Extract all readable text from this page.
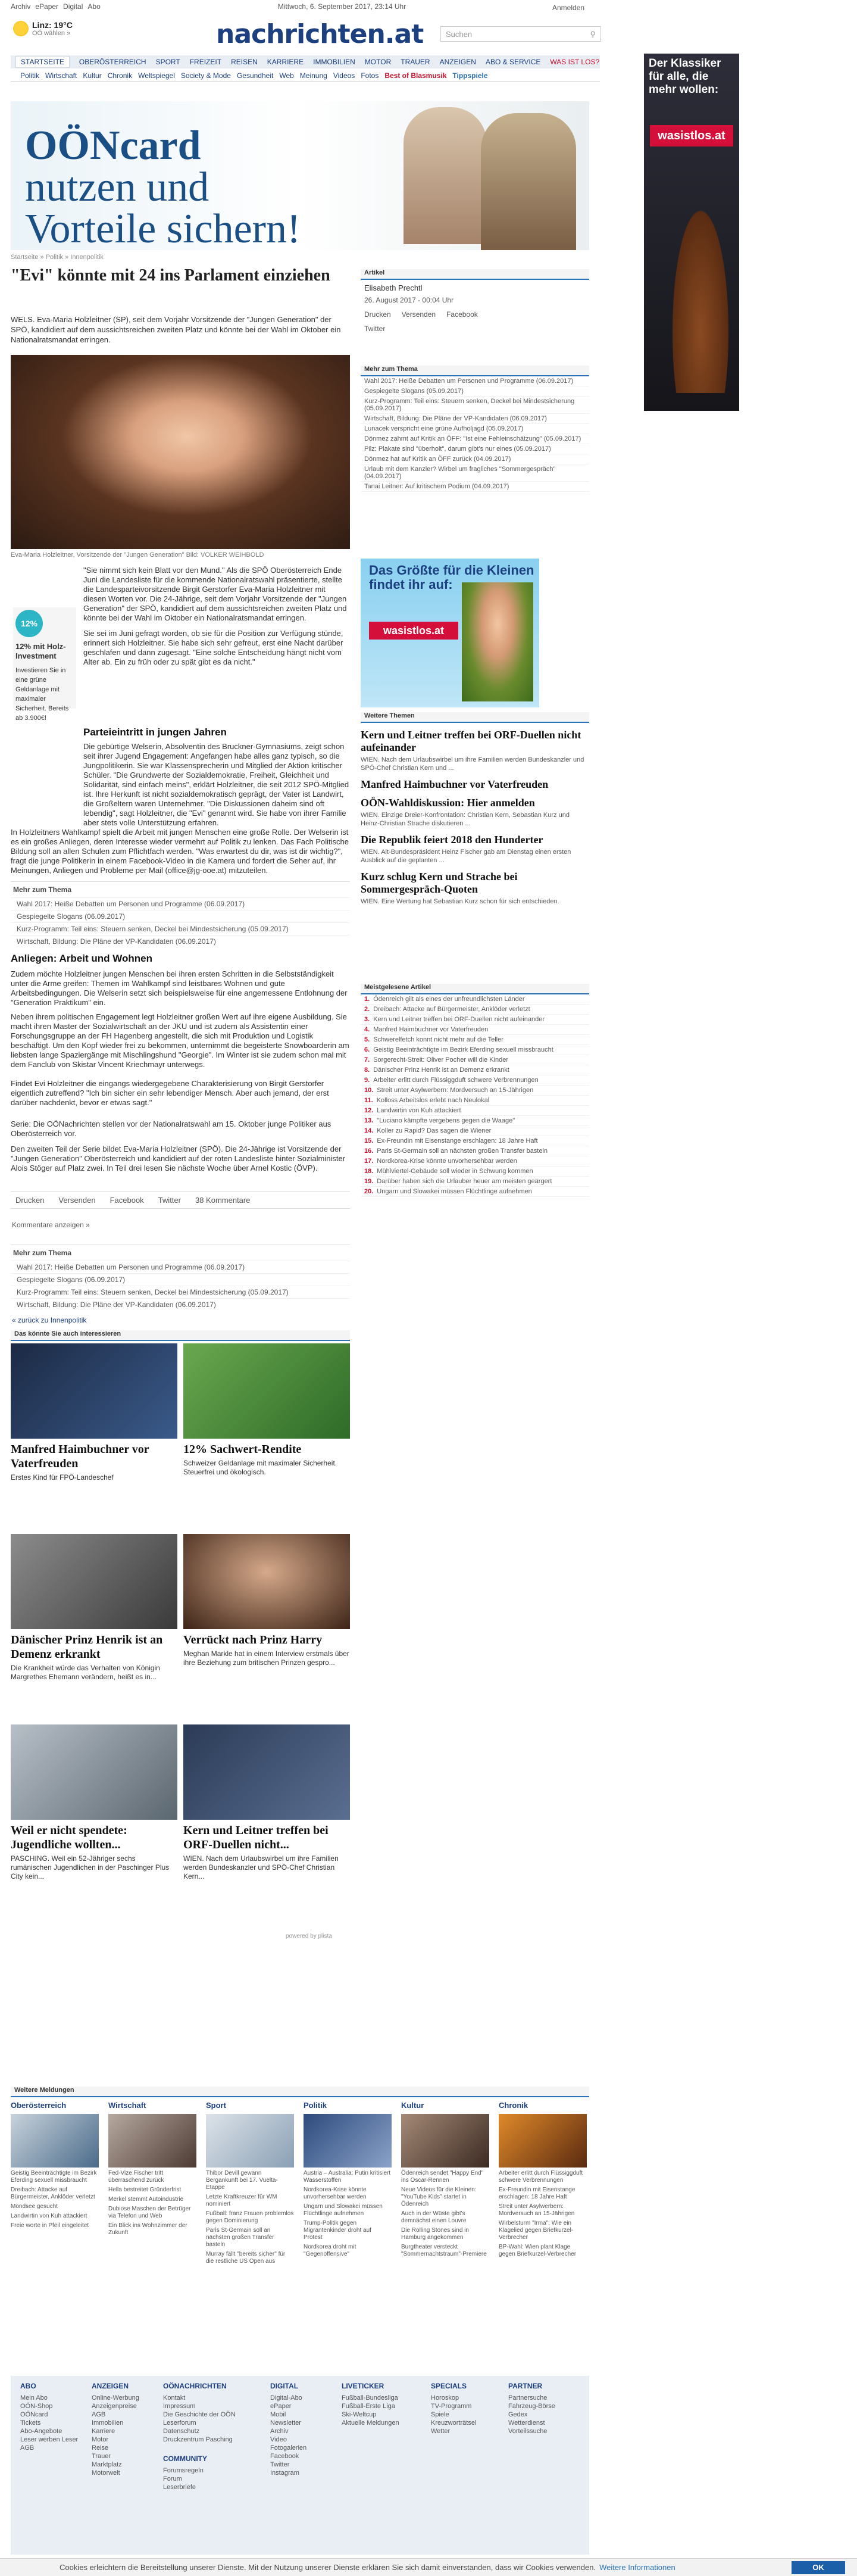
Archiv ePaper Digital Abo	Mittwoch, 6. September 2017, 23:14 Uhr	Anmelden
Linz: 19°C
OÖ wählen »	nachrichten.at	Suchen	⚲
STARTSEITE	OBERÖSTERREICH SPORT FREIZEIT REISEN KARRIERE IMMOBILIEN MOTOR TRAUER ANZEIGEN ABO & SERVICE WAS IST LOS?
Politik Wirtschaft Kultur Chronik Weltspiegel Society & Mode Gesundheit Web Meinung Videos Fotos Best of Blasmusik Tippspiele
OÖNcard
nutzen und
Vorteile sichern!
Der Klassiker für alle, die mehr wollen:
wasistlos.at
Startseite » Politik » Innenpolitik
"Evi" könnte mit 24 ins Parlament einziehen

WELS. Eva-Maria Holzleitner (SP), seit dem Vorjahr Vorsitzende der "Jungen Generation" der SPÖ, kandidiert auf dem aussichtsreichen zweiten Platz und könnte bei der Wahl im Oktober ein Nationalratsmandat erringen.

Eva-Maria Holzleitner, Vorsitzende der "Jungen Generation" Bild: VOLKER WEIHBOLD
12%
12% mit Holz-Investment
Investieren Sie in eine grüne Geldanlage mit maximaler Sicherheit. Bereits ab 3.900€!

"Sie nimmt sich kein Blatt vor den Mund." Als die SPÖ Oberösterreich Ende Juni die Landesliste für die kommende Nationalratswahl präsentierte, stellte die Landesparteivorsitzende Birgit Gerstorfer Eva-Maria Holzleitner mit diesen Worten vor. Die 24-Jährige, seit dem Vorjahr Vorsitzende der "Jungen Generation" der SPÖ, kandidiert auf dem aussichtsreichen zweiten Platz und könnte bei der Wahl im Oktober ein Nationalratsmandat erringen.

Sie sei im Juni gefragt worden, ob sie für die Position zur Verfügung stünde, erinnert sich Holzleitner. Sie habe sich sehr gefreut, erst eine Nacht darüber geschlafen und dann zugesagt. "Eine solche Entscheidung hängt nicht vom Alter ab. Ein zu früh oder zu spät gibt es da nicht."

Parteieintritt in jungen Jahren
Die gebürtige Welserin, Absolventin des Bruckner-Gymnasiums, zeigt schon seit ihrer Jugend Engagement: Angefangen habe alles ganz typisch, so die Jungpolitikerin. Sie war Klassensprecherin und Mitglied der Aktion kritischer Schüler. "Die Grundwerte der Sozialdemokratie, Freiheit, Gleichheit und Solidarität, sind einfach meins", erklärt Holzleitner, die seit 2012 SPÖ-Mitglied ist. Ihre Herkunft ist nicht sozialdemokratisch geprägt, der Vater ist Landwirt, die Großeltern waren Unternehmer. "Die Diskussionen daheim sind oft lebendig", sagt Holzleitner, die "Evi" genannt wird. Sie habe von ihrer Familie aber stets volle Unterstützung erfahren.
In Holzleitners Wahlkampf spielt die Arbeit mit jungen Menschen eine große Rolle. Der Welserin ist es ein großes Anliegen, deren Interesse wieder vermehrt auf Politik zu lenken. Das Fach Politische Bildung soll an allen Schulen zum Pflichtfach werden. "Was erwartest du dir, was ist dir wichtig?", fragt die junge Politikerin in einem Facebook-Video in die Kamera und fordert die Seher auf, ihr Meinungen, Anliegen und Probleme per Mail (office@jg-ooe.at) mitzuteilen.
Mehr zum Thema
Wahl 2017: Heiße Debatten um Personen und Programme (06.09.2017)
Gespiegelte Slogans (06.09.2017)
Kurz-Programm: Teil eins: Steuern senken, Deckel bei Mindestsicherung (05.09.2017)
Wirtschaft, Bildung: Die Pläne der VP-Kandidaten (06.09.2017)
Anliegen: Arbeit und Wohnen
Zudem möchte Holzleitner jungen Menschen bei ihren ersten Schritten in die Selbstständigkeit unter die Arme greifen: Themen im Wahlkampf sind leistbares Wohnen und gute Arbeitsbedingungen. Die Welserin setzt sich beispielsweise für eine angemessene Entlohnung der "Generation Praktikum" ein.
Neben ihrem politischen Engagement legt Holzleitner großen Wert auf ihre eigene Ausbildung. Sie macht ihren Master der Sozialwirtschaft an der JKU und ist zudem als Assistentin einer Forschungsgruppe an der FH Hagenberg angestellt, die sich mit Produktion und Logistik beschäftigt. Um den Kopf wieder frei zu bekommen, unternimmt die begeisterte Snowboarderin am liebsten lange Spaziergänge mit Mischlingshund "Georgie". Im Winter ist sie zudem schon mal mit dem Fanclub von Skistar Vincent Kriechmayr unterwegs.
Findet Evi Holzleitner die eingangs wiedergegebene Charakterisierung von Birgit Gerstorfer eigentlich zutreffend? "Ich bin sicher ein sehr lebendiger Mensch. Aber auch jemand, der erst darüber nachdenkt, bevor er etwas sagt."
Serie: Die OÖNachrichten stellen vor der Nationalratswahl am 15. Oktober junge Politiker aus Oberösterreich vor.
Den zweiten Teil der Serie bildet Eva-Maria Holzleitner (SPÖ). Die 24-Jährige ist Vorsitzende der "Jungen Generation" Oberösterreich und kandidiert auf der roten Landesliste hinter Sozialminister Alois Stöger auf Platz zwei. In Teil drei lesen Sie nächste Woche über Arnel Kostic (ÖVP).
Drucken Versenden Facebook Twitter 38 Kommentare
Kommentare anzeigen »
Mehr zum Thema
Wahl 2017: Heiße Debatten um Personen und Programme (06.09.2017)
Gespiegelte Slogans (06.09.2017)
Kurz-Programm: Teil eins: Steuern senken, Deckel bei Mindestsicherung (05.09.2017)
Wirtschaft, Bildung: Die Pläne der VP-Kandidaten (06.09.2017)
« zurück zu Innenpolitik
Das könnte Sie auch interessieren
Manfred Haimbuchner vor Vaterfreuden
Erstes Kind für FPÖ-Landeschef
12% Sachwert-Rendite
Schweizer Geldanlage mit maximaler Sicherheit. Steuerfrei und ökologisch.
Dänischer Prinz Henrik ist an Demenz erkrankt
Die Krankheit würde das Verhalten von Königin Margrethes Ehemann verändern, heißt es in...
Verrückt nach Prinz Harry
Meghan Markle hat in einem Interview erstmals über ihre Beziehung zum britischen Prinzen gespro...
Weil er nicht spendete: Jugendliche wollten...
PASCHING. Weil ein 52-Jähriger sechs rumänischen Jugendlichen in der Paschinger Plus City kein...
Kern und Leitner treffen bei ORF-Duellen nicht...
WIEN. Nach dem Urlaubswirbel um ihre Familien werden Bundeskanzler und SPÖ-Chef Christian Kern...
powered by plista
Artikel
Elisabeth Prechtl
26. August 2017 - 00:04 Uhr
Drucken Versenden Facebook
Twitter
Mehr zum Thema
Wahl 2017: Heiße Debatten um Personen und Programme (06.09.2017)
Gespiegelte Slogans (05.09.2017)
Kurz-Programm: Teil eins: Steuern senken, Deckel bei Mindestsicherung (05.09.2017)
Wirtschaft, Bildung: Die Pläne der VP-Kandidaten (06.09.2017)
Lunacek verspricht eine grüne Aufholjagd (05.09.2017)
Dönmez zahmt auf Kritik an ÖFF: "Ist eine Fehleinschätzung" (05.09.2017)
Pilz: Plakate sind "überholt", darum gibt's nur eines (05.09.2017)
Dönmez hat auf Kritik an ÖFF zurück (04.09.2017)
Urlaub mit dem Kanzler? Wirbel um fragliches "Sommergespräch" (04.09.2017)
Tanai Leitner: Auf kritischem Podium (04.09.2017)
Das Größte für die Kleinen findet ihr auf:
wasistlos.at
Weitere Themen
Kern und Leitner treffen bei ORF-Duellen nicht aufeinander
WIEN. Nach dem Urlaubswirbel um ihre Familien werden Bundeskanzler und SPÖ-Chef Christian Kern und ...
Manfred Haimbuchner vor Vaterfreuden
OÖN-Wahldiskussion: Hier anmelden
WIEN. Einzige Dreier-Konfrontation: Christian Kern, Sebastian Kurz und Heinz-Christian Strache diskutieren ...
Die Republik feiert 2018 den Hunderter
WIEN. Alt-Bundespräsident Heinz Fischer gab am Dienstag einen ersten Ausblick auf die geplanten ...
Kurz schlug Kern und Strache bei Sommergespräch-Quoten
WIEN. Eine Wertung hat Sebastian Kurz schon für sich entschieden.
Meistgelesene Artikel
1. Ödenreich gilt als eines der unfreundlichsten Länder
2. Dreibach: Attacke auf Bürgermeister, Anklöder verletzt
3. Kern und Leitner treffen bei ORF-Duellen nicht aufeinander
4. Manfred Haimbuchner vor Vaterfreuden
5. Schwerelfetch konnt nicht mehr auf die Teller
6. Geistig Beeinträchtigte im Bezirk Eferding sexuell missbraucht
7. Sorgerecht-Streit: Oliver Pocher will die Kinder
8. Dänischer Prinz Henrik ist an Demenz erkrankt
9. Arbeiter erlitt durch Flüssiggduft schwere Verbrennungen
10. Streit unter Asylwerbern: Mordversuch an 15-Jährigen
11. Kolloss Arbeitslos erlebt nach Neulokal
12. Landwirtin von Kuh attackiert
13. "Luciano kämpfte vergebens gegen die Waage"
14. Koller zu Rapid? Das sagen die Wiener
15. Ex-Freundin mit Eisenstange erschlagen: 18 Jahre Haft
16. Paris St-Germain soll an nächsten großen Transfer basteln
17. Nordkorea-Krise könnte unvorhersehbar werden
18. Mühlviertel-Gebäude soll wieder in Schwung kommen
19. Darüber haben sich die Urlauber heuer am meisten geärgert
20. Ungarn und Slowakei müssen Flüchtlinge aufnehmen
Weitere Meldungen
Oberösterreich
Geistig Beeinträchtigte im Bezirk Eferding sexuell missbraucht
Dreibach: Attacke auf Bürgermeister, Anklöder verletzt
Mondsee gesucht
Landwirtin von Kuh attackiert
Freie worte in Pfeil eingeleitet
Wirtschaft
Fed-Vize Fischer tritt überraschend zurück
Hella bestreitet Gründerfrist
Merkel stemmt Autoindustrie
Dubiose Maschen der Betrüger via Telefon und Web
Ein Blick ins Wohnzimmer der Zukunft
Sport
Thibor Devill gewann Bergankunft bei 17. Vuelta-Etappe
Letzte Kraftkreuzer für WM nominiert
Fußball: franz Frauen problemlos gegen Dominierung
Paris St-Germain soll an nächsten großen Transfer basteln
Murray fällt "bereits sicher" für die restliche US Open aus
Politik
Austria – Australia: Putin kritisiert Wasserstoffen
Nordkorea-Krise könnte unvorhersehbar werden
Ungarn und Slowakei müssen Flüchtlinge aufnehmen
Trump-Politik gegen Migrantenkinder droht auf Protest
Nordkorea droht mit "Gegenoffensive"
Kultur
Ödenreich sendet "Happy End" ins Oscar-Rennen
Neue Videos für die Kleinen: "YouTube Kids" startet in Ödenreich
Auch in der Wüste gibt's demnächst einen Louvre
Die Rolling Stones sind in Hamburg angekommen
Burgtheater versteckt "Sommernachtstraum"-Premiere
Chronik
Arbeiter erlitt durch Flüssiggduft schwere Verbrennungen
Ex-Freundin mit Eisenstange erschlagen: 18 Jahre Haft
Streit unter Asylwerbern: Mordversuch an 15-Jährigen
Wirbelsturm "Irma": Wie ein Klagelied gegen Briefkurzel-Verbrecher
BP-Wahl: Wien plant Klage gegen Briefkurzel-Verbrecher
ABO
Mein Abo
OÖN-Shop
OÖNcard
Tickets
Abo-Angebote
Leser werben Leser
AGB
ANZEIGEN
Online-Werbung
Anzeigenpreise
AGB
Immobilien
Karriere
Motor
Reise
Trauer
Marktplatz
Motorwelt
OÖNACHRICHTEN
Kontakt
Impressum
Die Geschichte der OÖN
Leserforum
Datenschutz
Druckzentrum Pasching
COMMUNITY
Forumsregeln
Forum
Leserbriefe
DIGITAL
Digital-Abo
ePaper
Mobil
Newsletter
Archiv
Video
Fotogalerien
Facebook
Twitter
Instagram
LIVETICKER
Fußball-Bundesliga
Fußball-Erste Liga
Ski-Weltcup
Aktuelle Meldungen
SPECIALS
Horoskop
TV-Programm
Spiele
Kreuzworträtsel
Wetter
PARTNER
Partnersuche
Fahrzeug-Börse
Gedex
Wetterdienst
Vorteilssuche
Cookies erleichtern die Bereitstellung unserer Dienste. Mit der Nutzung unserer Dienste erklären Sie sich damit einverstanden, dass wir Cookies verwenden. Weitere Informationen	OK
